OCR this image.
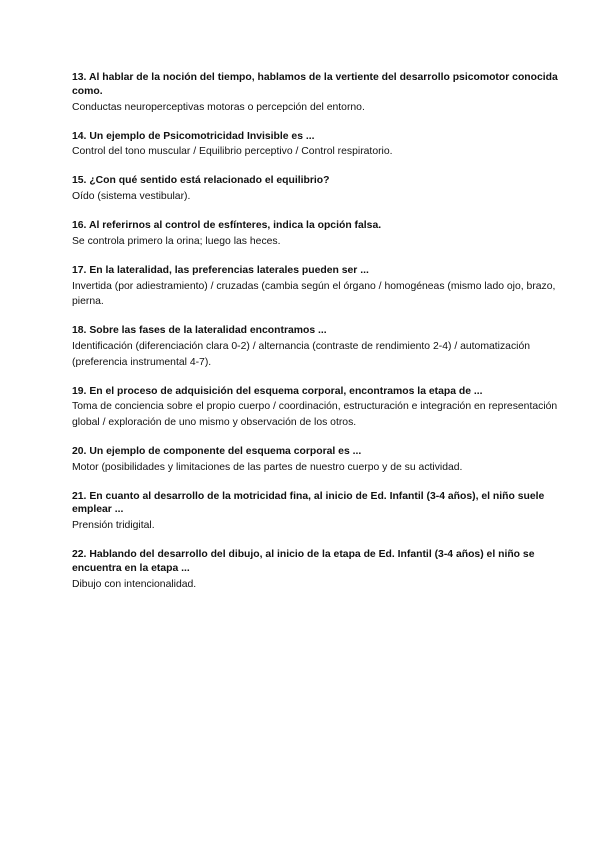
13. Al hablar de la noción del tiempo, hablamos de la vertiente del desarrollo psicomotor conocida como.

Conductas neuroperceptivas motoras o percepción del entorno.

14. Un ejemplo de Psicomotricidad Invisible es ...

Control del tono muscular / Equilibrio perceptivo / Control respiratorio.

15. ¿Con qué sentido está relacionado el equilibrio?

Oído (sistema vestibular).

16. Al referirnos al control de esfínteres, indica la opción falsa.

Se controla primero la orina; luego las heces.

17. En la lateralidad, las preferencias laterales pueden ser ...

Invertida (por adiestramiento) / cruzadas (cambia según el órgano / homogéneas (mismo lado ojo, brazo, pierna.

18. Sobre las fases de la lateralidad encontramos ...

Identificación (diferenciación clara 0-2) / alternancia (contraste de rendimiento 2-4) / automatización (preferencia instrumental 4-7).

19. En el proceso de adquisición del esquema corporal, encontramos la etapa de ...

Toma de conciencia sobre el propio cuerpo / coordinación, estructuración e integración en representación global / exploración de uno mismo y observación de los otros.

20. Un ejemplo de componente del esquema corporal es ...

Motor (posibilidades y limitaciones de las partes de nuestro cuerpo y de su actividad.

21. En cuanto al desarrollo de la motricidad fina, al inicio de Ed. Infantil (3-4 años), el niño suele emplear ...

Prensión tridigital.

22. Hablando del desarrollo del dibujo, al inicio de la etapa de Ed. Infantil (3-4 años) el niño se encuentra en la etapa ...

Dibujo con intencionalidad.
